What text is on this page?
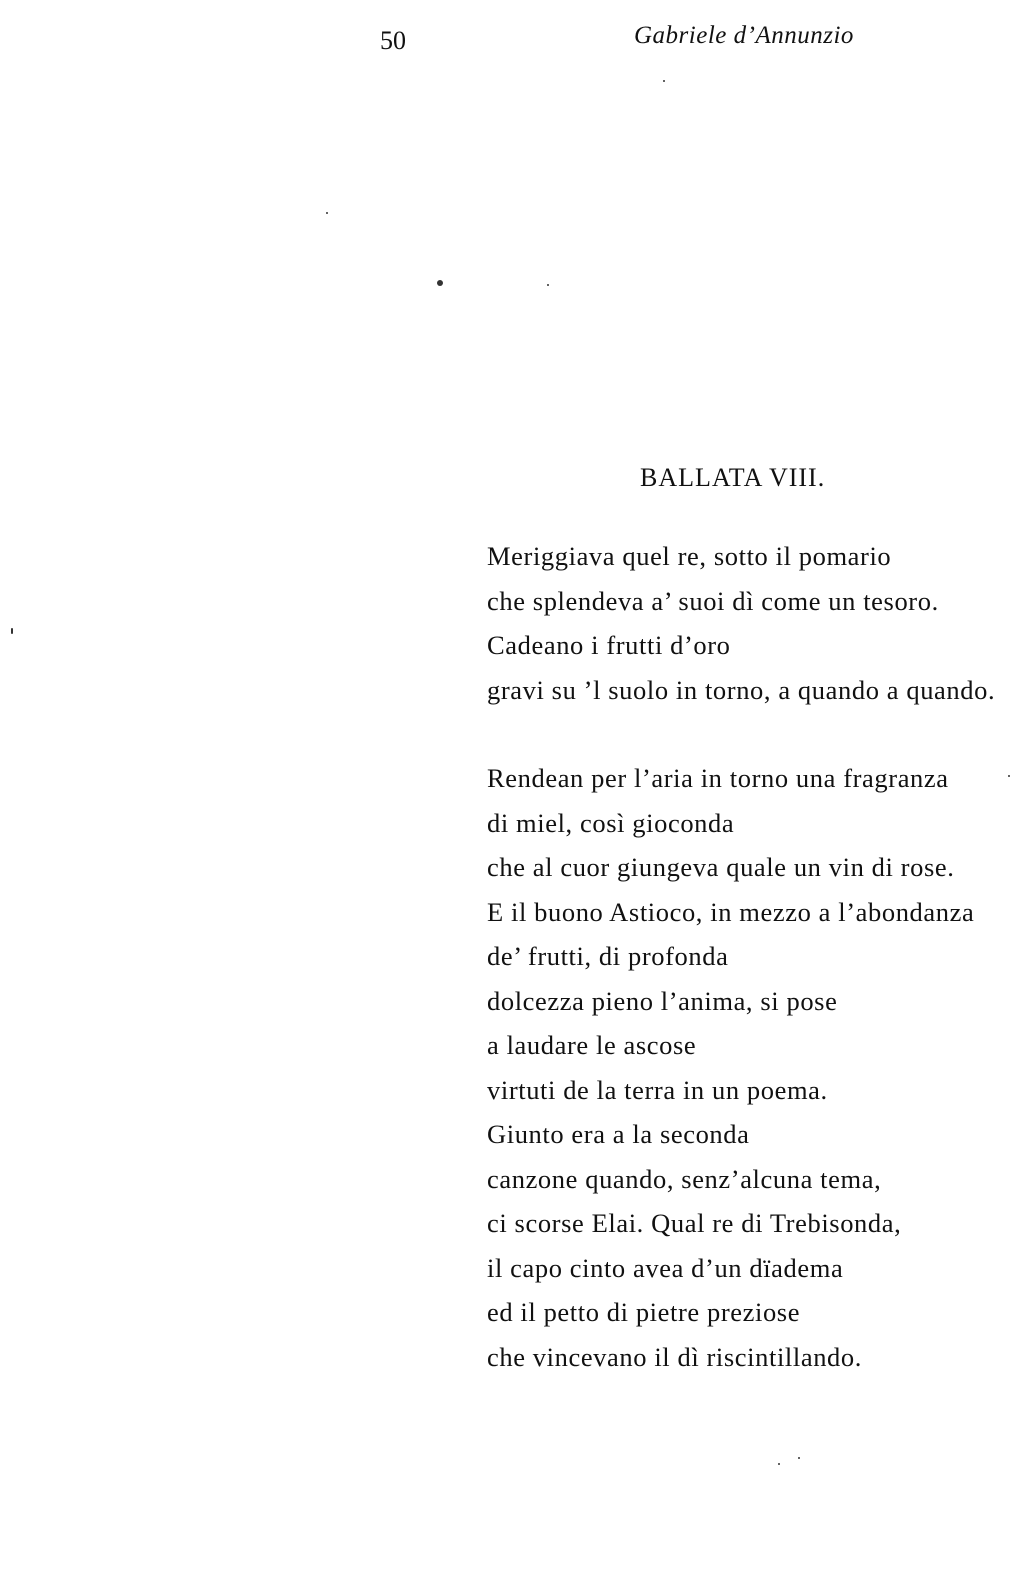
50	Gabriele d’Annunzio
BALLATA VIII.
Meriggiava quel re, sotto il pomario
che splendeva a’ suoi dì come un tesoro.
Cadeano i frutti d’oro
gravi su ’l suolo in torno, a quando a quando.
Rendean per l’aria in torno una fragranza
di miel, così gioconda
che al cuor giungeva quale un vin di rose.
E il buono Astioco, in mezzo a l’abondanza
de’ frutti, di profonda
dolcezza pieno l’anima, si pose
a laudare le ascose
virtuti de la terra in un poema.
Giunto era a la seconda
canzone quando, senz’alcuna tema,
ci scorse Elai. Qual re di Trebisonda,
il capo cinto avea d’un dïadema
ed il petto di pietre preziose
che vincevano il dì riscintillando.
